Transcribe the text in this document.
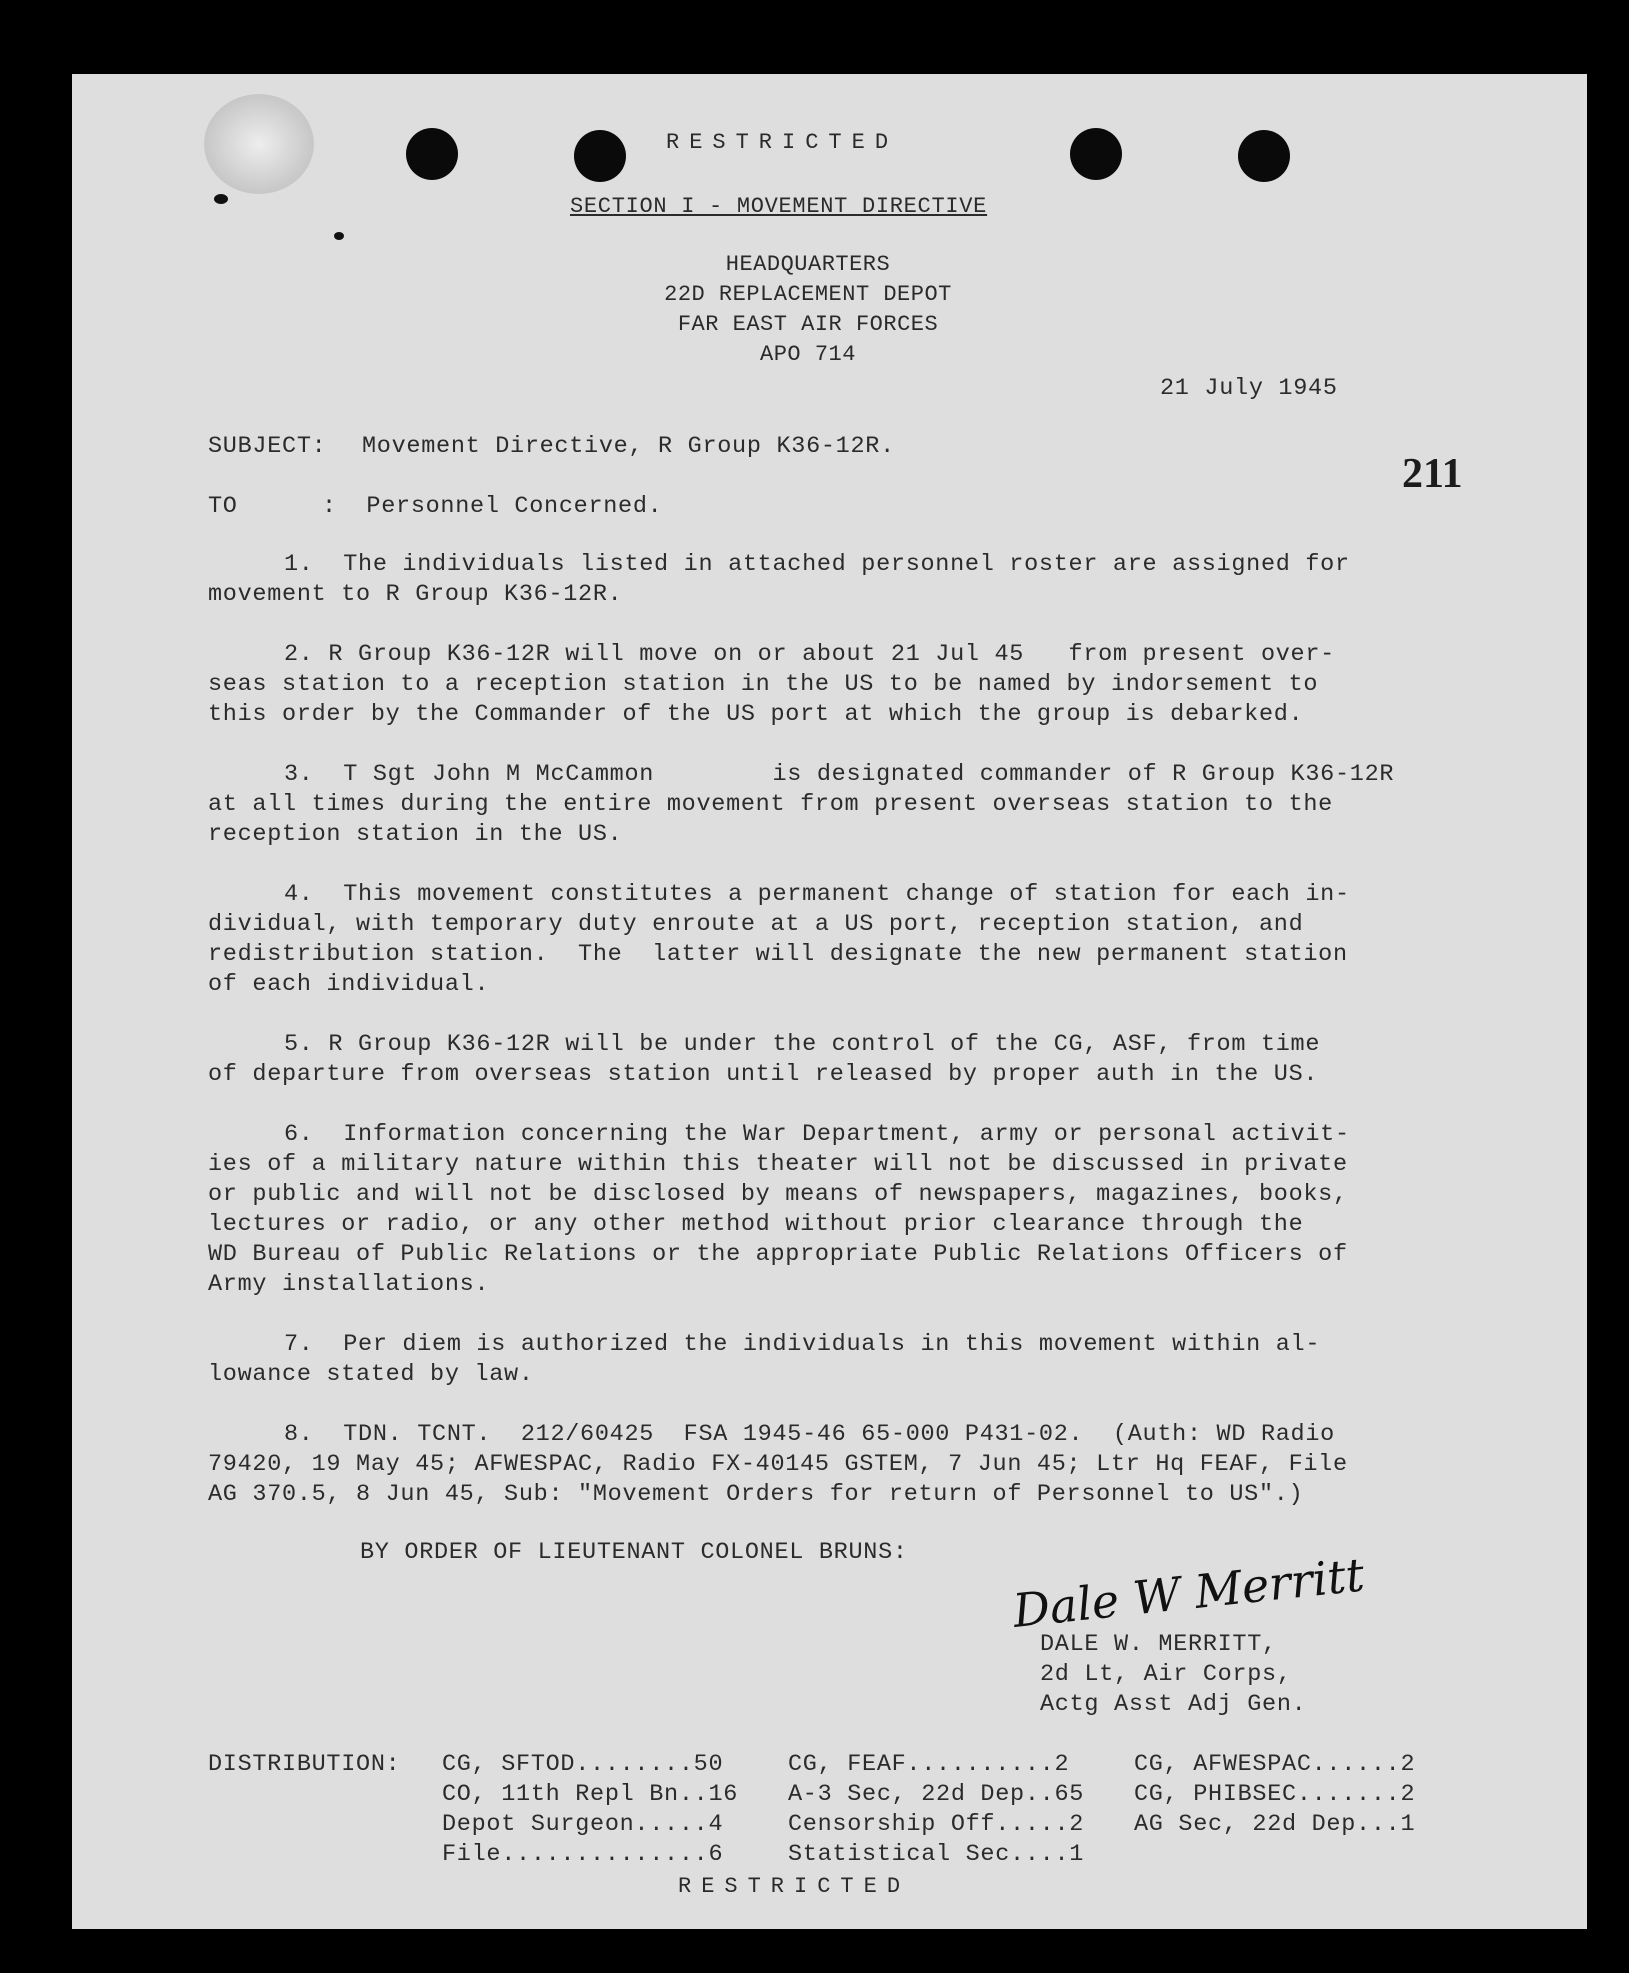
RESTRICTED
SECTION I - MOVEMENT DIRECTIVE
HEADQUARTERS
22D REPLACEMENT DEPOT
FAR EAST AIR FORCES
APO 714
21 July 1945
211
SUBJECT: Movement Directive, R Group K36-12R.
TO	:  Personnel Concerned.
1.  The individuals listed in attached personnel roster are assigned for
movement to R Group K36-12R.
2. R Group K36-12R will move on or about 21 Jul 45   from present over-
seas station to a reception station in the US to be named by indorsement to
this order by the Commander of the US port at which the group is debarked.
3.  T Sgt John M McCammon        is designated commander of R Group K36-12R
at all times during the entire movement from present overseas station to the
reception station in the US.
4.  This movement constitutes a permanent change of station for each in-
dividual, with temporary duty enroute at a US port, reception station, and
redistribution station.  The  latter will designate the new permanent station
of each individual.
5. R Group K36-12R will be under the control of the CG, ASF, from time
of departure from overseas station until released by proper auth in the US.
6.  Information concerning the War Department, army or personal activit-
ies of a military nature within this theater will not be discussed in private
or public and will not be disclosed by means of newspapers, magazines, books,
lectures or radio, or any other method without prior clearance through the
WD Bureau of Public Relations or the appropriate Public Relations Officers of
Army installations.
7.  Per diem is authorized the individuals in this movement within al-
lowance stated by law.
8.  TDN. TCNT.  212/60425  FSA 1945-46 65-000 P431-02.  (Auth: WD Radio
79420, 19 May 45; AFWESPAC, Radio FX-40145 GSTEM, 7 Jun 45; Ltr Hq FEAF, File
AG 370.5, 8 Jun 45, Sub: "Movement Orders for return of Personnel to US".)
BY ORDER OF LIEUTENANT COLONEL BRUNS: Dale W Merritt
DALE W. MERRITT,
2d Lt, Air Corps,
Actg Asst Adj Gen.
DISTRIBUTION: CG, SFTOD........50
CO, 11th Repl Bn..16
Depot Surgeon.....4
File..............6
CG, FEAF..........2
A-3 Sec, 22d Dep..65
Censorship Off.....2
Statistical Sec....1
CG, AFWESPAC......2
CG, PHIBSEC.......2
AG Sec, 22d Dep...1
RESTRICTED
